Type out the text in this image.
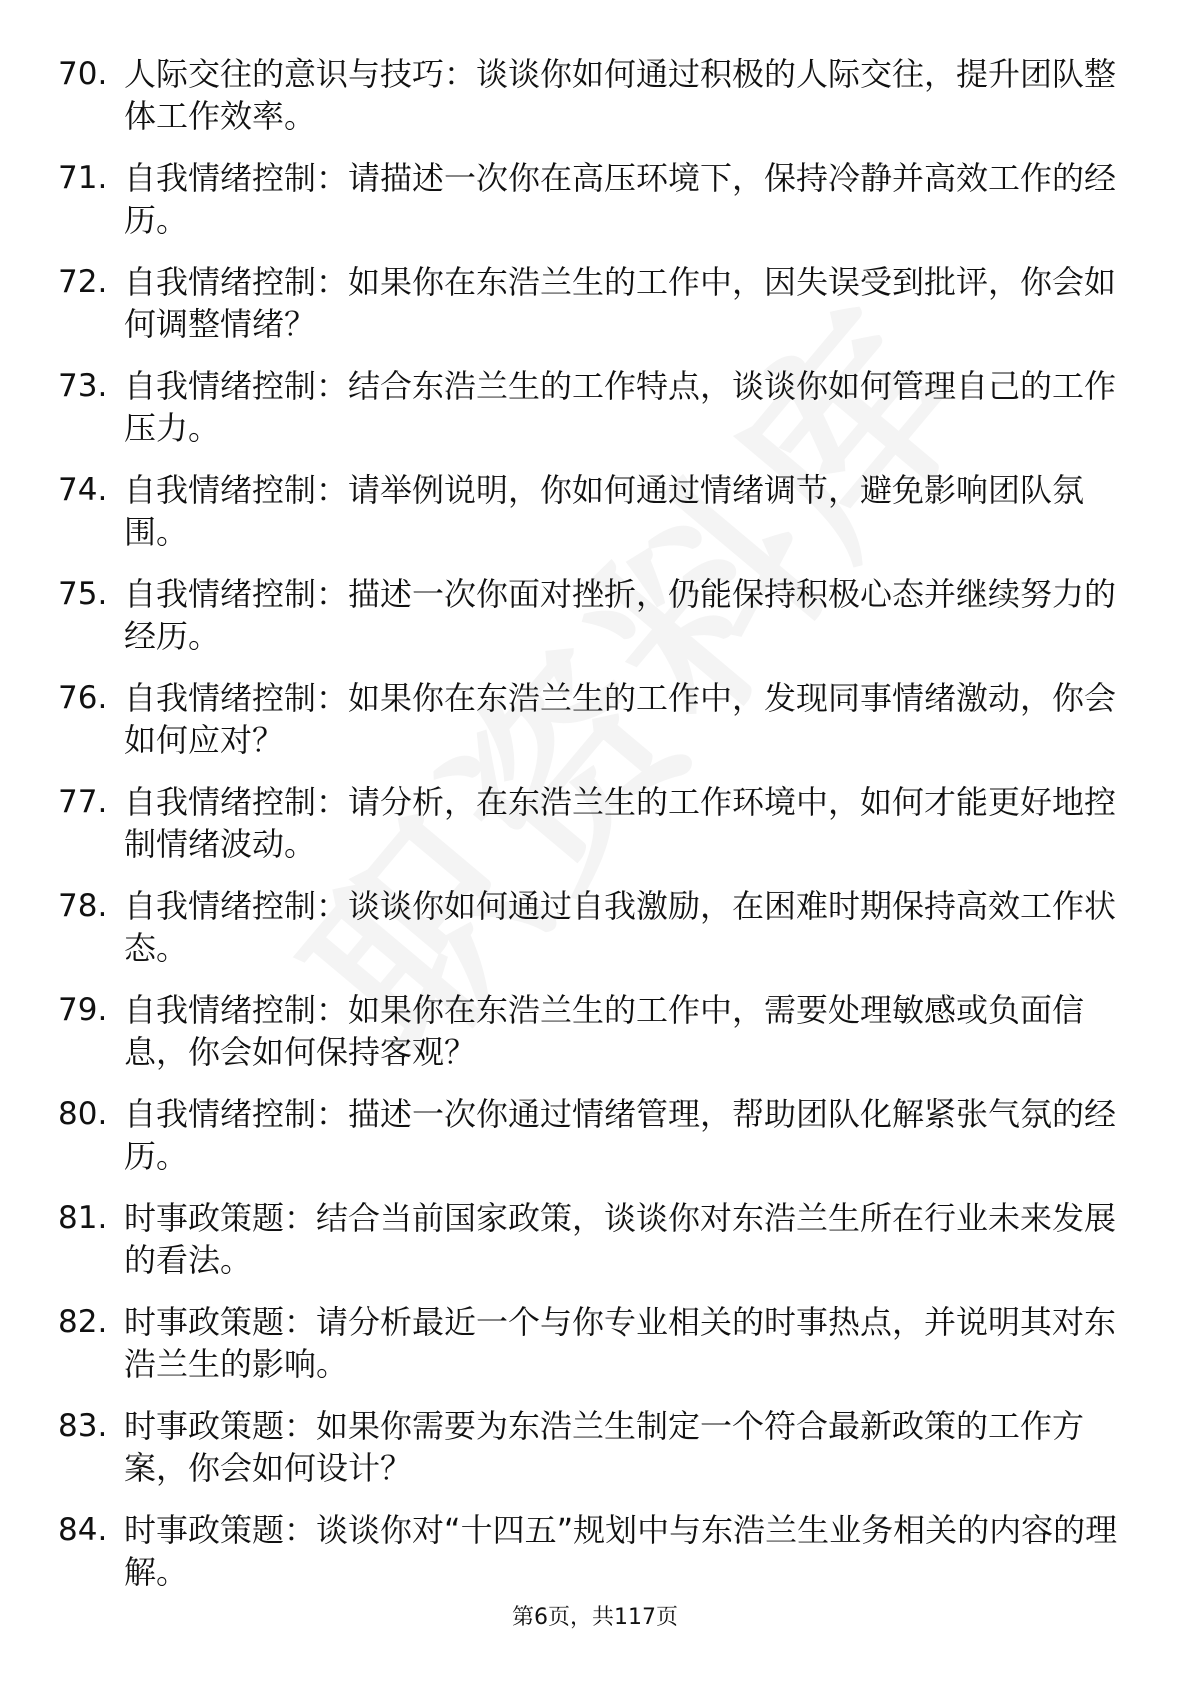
70. 人际交往的意识与技巧：谈谈你如何通过积极的人际交往，提升团队整体工作效率。
71. 自我情绪控制：请描述一次你在高压环境下，保持冷静并高效工作的经历。
72. 自我情绪控制：如果你在东浩兰生的工作中，因失误受到批评，你会如何调整情绪？
73. 自我情绪控制：结合东浩兰生的工作特点，谈谈你如何管理自己的工作压力。
74. 自我情绪控制：请举例说明，你如何通过情绪调节，避免影响团队氛围。
75. 自我情绪控制：描述一次你面对挫折，仍能保持积极心态并继续努力的经历。
76. 自我情绪控制：如果你在东浩兰生的工作中，发现同事情绪激动，你会如何应对？
77. 自我情绪控制：请分析，在东浩兰生的工作环境中，如何才能更好地控制情绪波动。
78. 自我情绪控制：谈谈你如何通过自我激励，在困难时期保持高效工作状态。
79. 自我情绪控制：如果你在东浩兰生的工作中，需要处理敏感或负面信息，你会如何保持客观？
80. 自我情绪控制：描述一次你通过情绪管理，帮助团队化解紧张气氛的经历。
81. 时事政策题：结合当前国家政策，谈谈你对东浩兰生所在行业未来发展的看法。
82. 时事政策题：请分析最近一个与你专业相关的时事热点，并说明其对东浩兰生的影响。
83. 时事政策题：如果你需要为东浩兰生制定一个符合最新政策的工作方案，你会如何设计？
84. 时事政策题：谈谈你对“十四五”规划中与东浩兰生业务相关的内容的理解。
第6页，共117页
